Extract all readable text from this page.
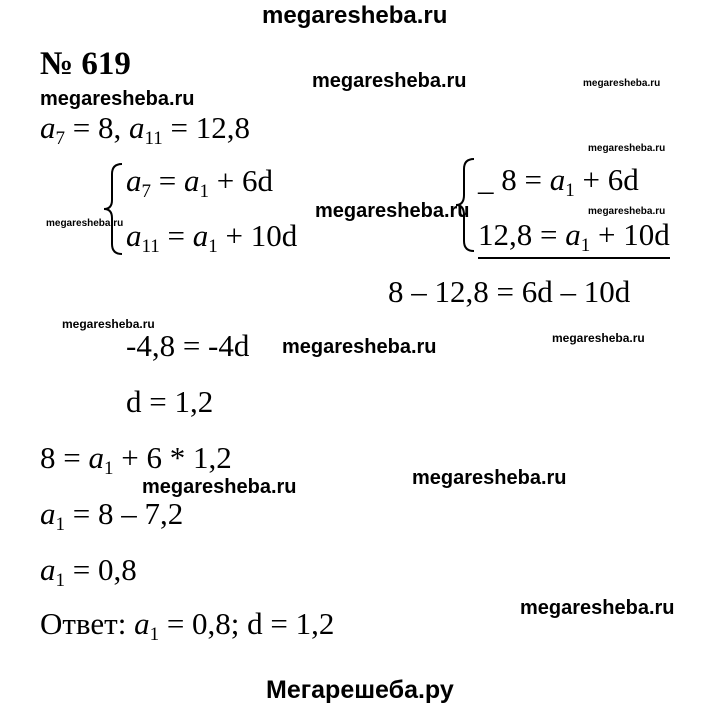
megaresheba.ru
megaresheba.ru	megaresheba.ru
megaresheba.ru
megaresheba.ru
megaresheba.ru	megaresheba.ru
megaresheba.ru
megaresheba.ru
megaresheba.ru
megaresheba.ru
megaresheba.ru
megaresheba.ru
megaresheba.ru
№ 619
$a_7 = 8$, $a_{11} = 12,8$
$a_7 = a_1 + 6d$
$a_{11} = a_1 + 10d$
_ $8 = a_1 + 6d$
$12,8 = a_1 + 10d$
8 – 12,8 = 6d – 10d
-4,8 = -4d
d = 1,2
$8 = a_1 + 6 * 1,2$
$a_1 = 8 - 7,2$
$a_1 = 0,8$
Ответ: $a_1 = 0,8$; d = 1,2
Мегарешеба.ру
